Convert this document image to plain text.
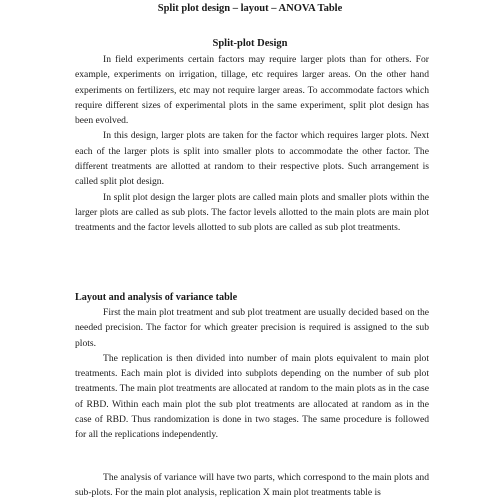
Split plot design – layout – ANOVA Table
Split-plot Design

In field experiments certain factors may require larger plots than for others. For example, experiments on irrigation, tillage, etc requires larger areas. On the other hand experiments on fertilizers, etc may not require larger areas. To accommodate factors which require different sizes of experimental plots in the same experiment, split plot design has been evolved.

In this design, larger plots are taken for the factor which requires larger plots. Next each of the larger plots is split into smaller plots to accommodate the other factor. The different treatments are allotted at random to their respective plots. Such arrangement is called split plot design.

In split plot design the larger plots are called main plots and smaller plots within the larger plots are called as sub plots. The factor levels allotted to the main plots are main plot treatments and the factor levels allotted to sub plots are called as sub plot treatments.

Layout and analysis of variance table

First the main plot treatment and sub plot treatment are usually decided based on the needed precision. The factor for which greater precision is required is assigned to the sub plots.

The replication is then divided into number of main plots equivalent to main plot treatments. Each main plot is divided into subplots depending on the number of sub plot treatments. The main plot treatments are allocated at random to the main plots as in the case of RBD. Within each main plot the sub plot treatments are allocated at random as in the case of RBD. Thus randomization is done in two stages. The same procedure is followed for all the replications independently.

The analysis of variance will have two parts, which correspond to the main plots and sub-plots. For the main plot analysis, replication X main plot treatments table is
